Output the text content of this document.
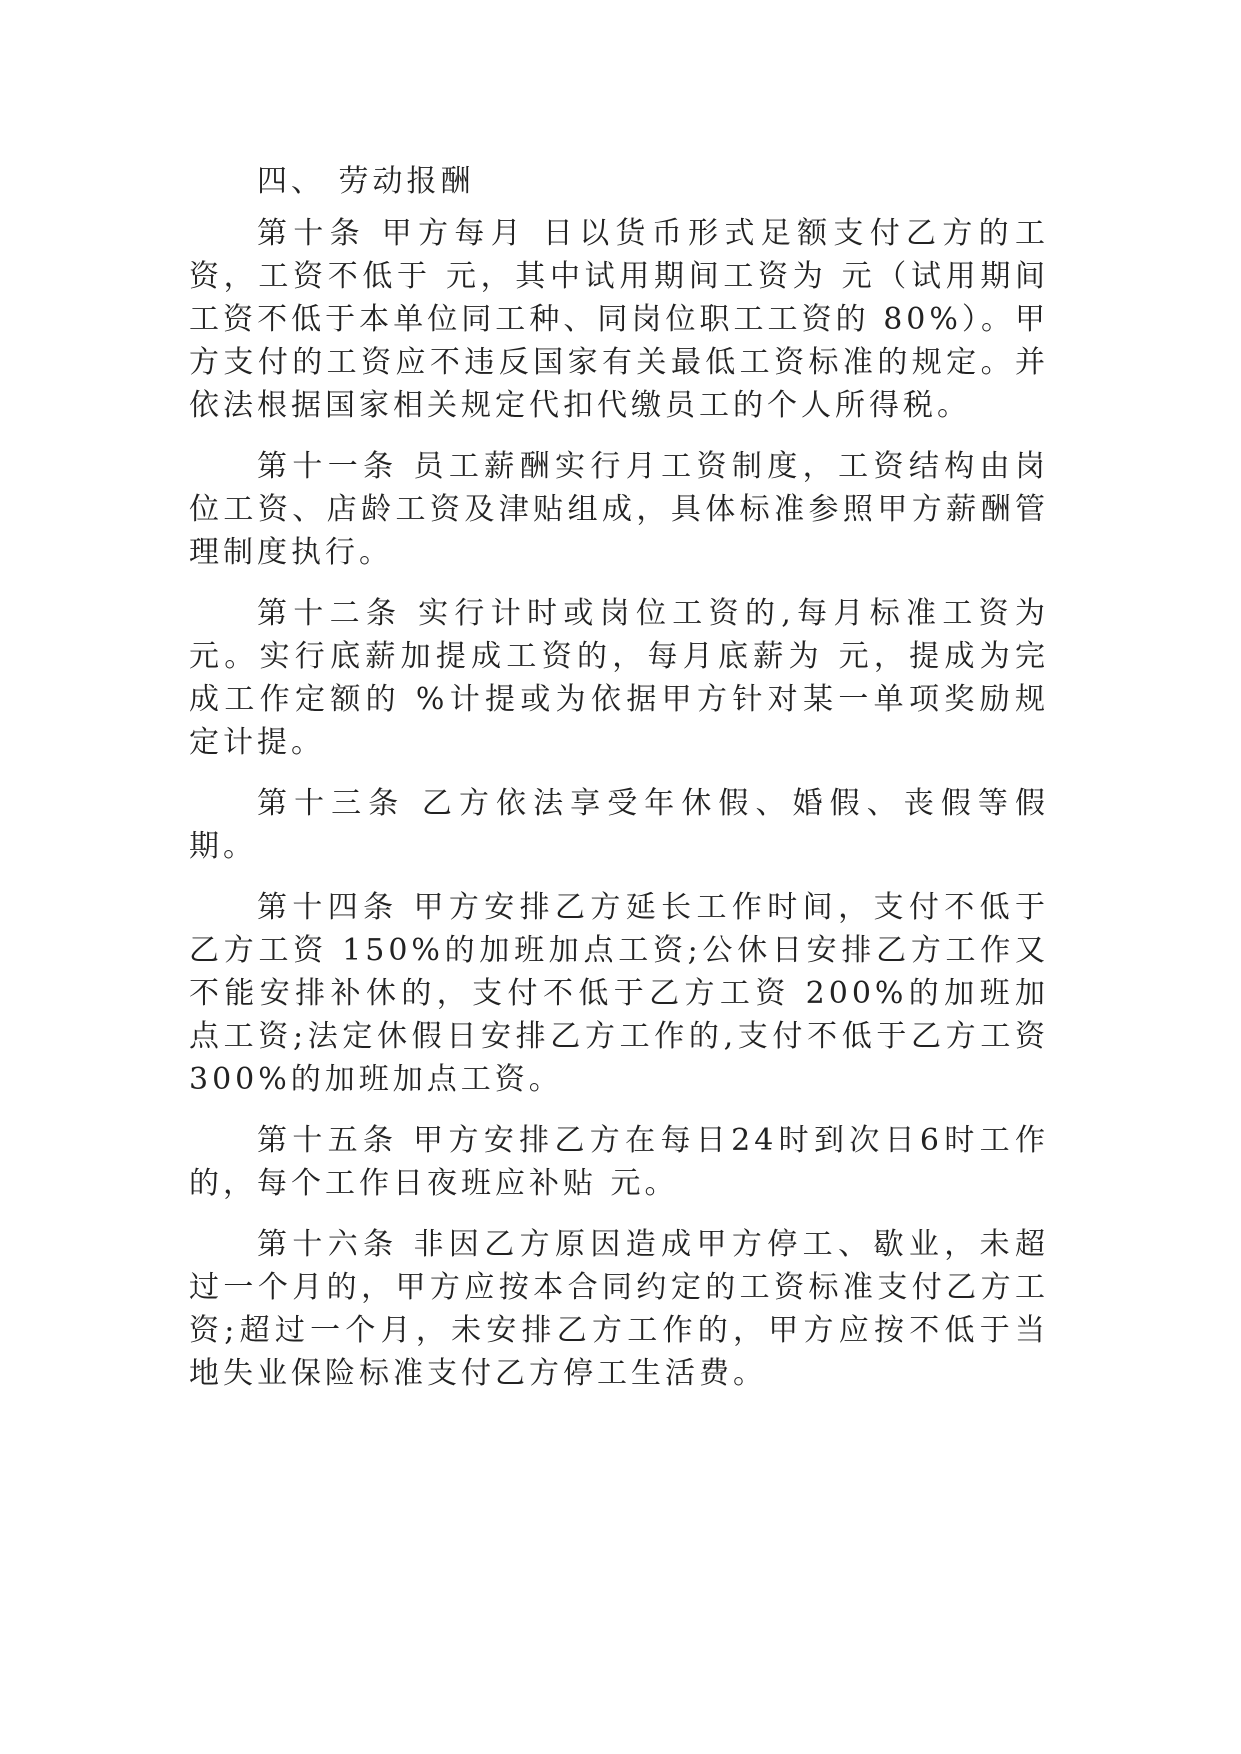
四、 劳动报酬

第十条 甲方每月 日以货币形式足额支付乙方的工资，工资不低于 元，其中试用期间工资为 元（试用期间工资不低于本单位同工种、同岗位职工工资的 80%）。甲方支付的工资应不违反国家有关最低工资标准的规定。并依法根据国家相关规定代扣代缴员工的个人所得税。

第十一条 员工薪酬实行月工资制度，工资结构由岗位工资、店龄工资及津贴组成，具体标准参照甲方薪酬管理制度执行。

第十二条 实行计时或岗位工资的,每月标准工资为 元。实行底薪加提成工资的，每月底薪为 元，提成为完成工作定额的 %计提或为依据甲方针对某一单项奖励规定计提。

第十三条 乙方依法享受年休假、婚假、丧假等假期。

第十四条 甲方安排乙方延长工作时间，支付不低于乙方工资 150%的加班加点工资;公休日安排乙方工作又不能安排补休的，支付不低于乙方工资 200%的加班加点工资;法定休假日安排乙方工作的,支付不低于乙方工资 300%的加班加点工资。

第十五条 甲方安排乙方在每日24时到次日6时工作的，每个工作日夜班应补贴 元。

第十六条 非因乙方原因造成甲方停工、歇业，未超过一个月的，甲方应按本合同约定的工资标准支付乙方工资;超过一个月，未安排乙方工作的，甲方应按不低于当地失业保险标准支付乙方停工生活费。
